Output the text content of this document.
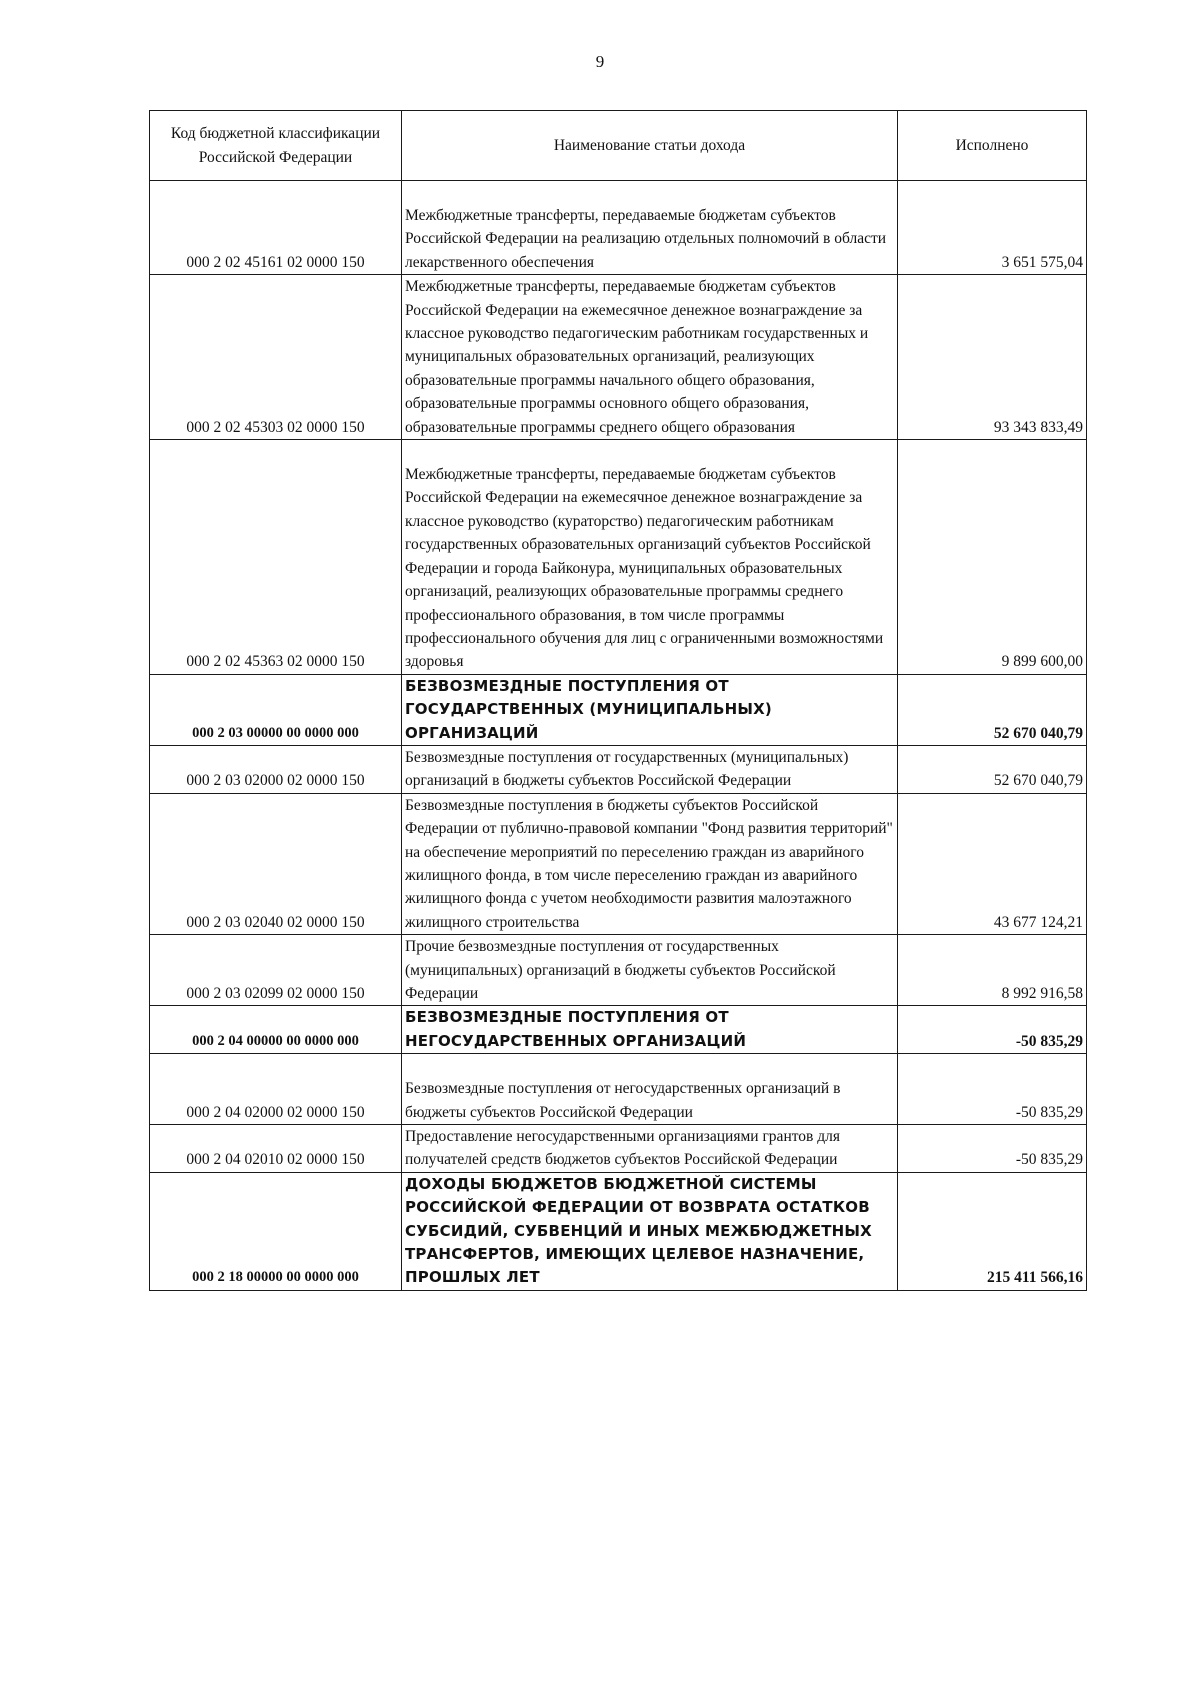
9
Код бюджетной классификации Российской Федерации	Наименование статьи дохода	Исполнено
000 2 02 45161 02 0000 150	Межбюджетные трансферты, передаваемые бюджетам субъектов Российской Федерации на реализацию отдельных полномочий в области лекарственного обеспечения	3 651 575,04
000 2 02 45303 02 0000 150	Межбюджетные трансферты, передаваемые бюджетам субъектов Российской Федерации на ежемесячное денежное вознаграждение за классное руководство педагогическим работникам государственных и муниципальных образовательных организаций, реализующих образовательные программы начального общего образования, образовательные программы основного общего образования, образовательные программы среднего общего образования	93 343 833,49
000 2 02 45363 02 0000 150	Межбюджетные трансферты, передаваемые бюджетам субъектов Российской Федерации на ежемесячное денежное вознаграждение за классное руководство (кураторство) педагогическим работникам государственных образовательных организаций субъектов Российской Федерации и города Байконура, муниципальных образовательных организаций, реализующих образовательные программы среднего профессионального образования, в том числе программы профессионального обучения для лиц с ограниченными возможностями здоровья	9 899 600,00
000 2 03 00000 00 0000 000	БЕЗВОЗМЕЗДНЫЕ ПОСТУПЛЕНИЯ ОТ ГОСУДАРСТВЕННЫХ (МУНИЦИПАЛЬНЫХ) ОРГАНИЗАЦИЙ	52 670 040,79
000 2 03 02000 02 0000 150	Безвозмездные поступления от государственных (муниципальных) организаций в бюджеты субъектов Российской Федерации	52 670 040,79
000 2 03 02040 02 0000 150	Безвозмездные поступления в бюджеты субъектов Российской Федерации от публично-правовой компании "Фонд развития территорий" на обеспечение мероприятий по переселению граждан из аварийного жилищного фонда, в том числе переселению граждан из аварийного жилищного фонда с учетом необходимости развития малоэтажного жилищного строительства	43 677 124,21
000 2 03 02099 02 0000 150	Прочие безвозмездные поступления от государственных (муниципальных) организаций в бюджеты субъектов Российской Федерации	8 992 916,58
000 2 04 00000 00 0000 000	БЕЗВОЗМЕЗДНЫЕ ПОСТУПЛЕНИЯ ОТ НЕГОСУДАРСТВЕННЫХ ОРГАНИЗАЦИЙ	-50 835,29
000 2 04 02000 02 0000 150	Безвозмездные поступления от негосударственных организаций в бюджеты субъектов Российской Федерации	-50 835,29
000 2 04 02010 02 0000 150	Предоставление негосударственными организациями грантов для получателей средств бюджетов субъектов Российской Федерации	-50 835,29
000 2 18 00000 00 0000 000	ДОХОДЫ БЮДЖЕТОВ БЮДЖЕТНОЙ СИСТЕМЫ РОССИЙСКОЙ ФЕДЕРАЦИИ ОТ ВОЗВРАТА ОСТАТКОВ СУБСИДИЙ, СУБВЕНЦИЙ И ИНЫХ МЕЖБЮДЖЕТНЫХ ТРАНСФЕРТОВ, ИМЕЮЩИХ ЦЕЛЕВОЕ НАЗНАЧЕНИЕ, ПРОШЛЫХ ЛЕТ	215 411 566,16
